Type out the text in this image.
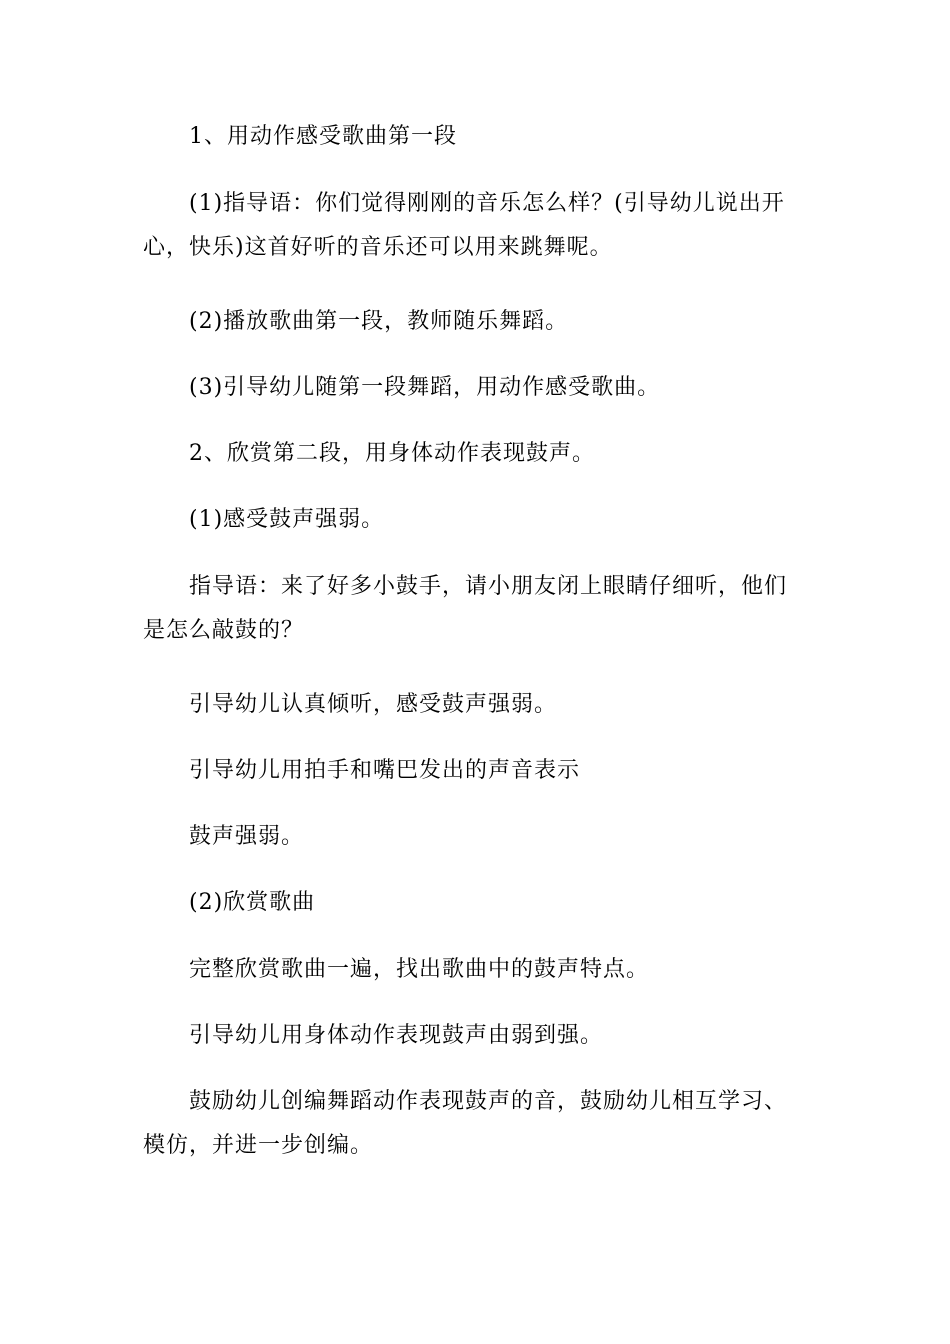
1、用动作感受歌曲第一段

(1)指导语：你们觉得刚刚的音乐怎么样？(引导幼儿说出开心，快乐)这首好听的音乐还可以用来跳舞呢。

(2)播放歌曲第一段，教师随乐舞蹈。

(3)引导幼儿随第一段舞蹈，用动作感受歌曲。

2、欣赏第二段，用身体动作表现鼓声。

(1)感受鼓声强弱。

指导语：来了好多小鼓手，请小朋友闭上眼睛仔细听，他们是怎么敲鼓的？

引导幼儿认真倾听，感受鼓声强弱。

引导幼儿用拍手和嘴巴发出的声音表示

鼓声强弱。

(2)欣赏歌曲

完整欣赏歌曲一遍，找出歌曲中的鼓声特点。

引导幼儿用身体动作表现鼓声由弱到强。

鼓励幼儿创编舞蹈动作表现鼓声的音，鼓励幼儿相互学习、模仿，并进一步创编。
